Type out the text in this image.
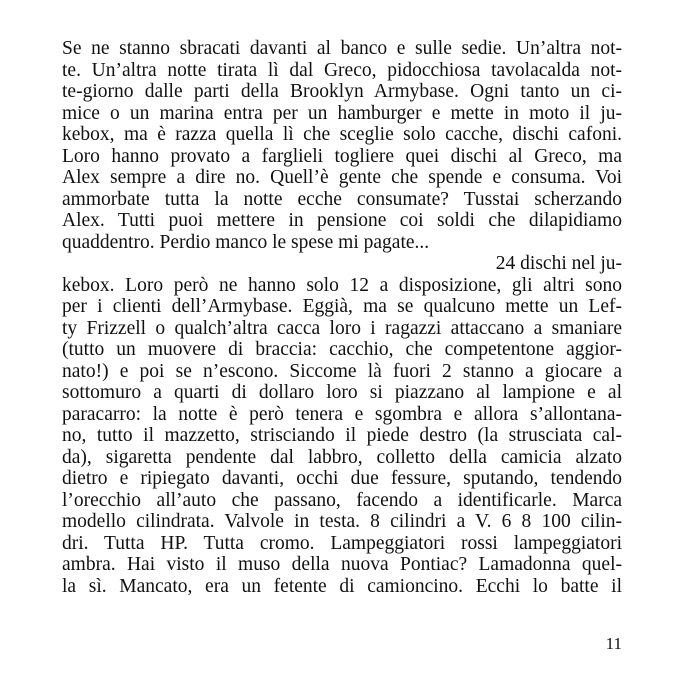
Se ne stanno sbracati davanti al banco e sulle sedie. Un’altra not-
te. Un’altra notte tirata lì dal Greco, pidocchiosa tavolacalda not-
te-giorno dalle parti della Brooklyn Armybase. Ogni tanto un ci-
mice o un marina entra per un hamburger e mette in moto il ju-
kebox, ma è razza quella lì che sceglie solo cacche, dischi cafoni.
Loro hanno provato a farglieli togliere quei dischi al Greco, ma
Alex sempre a dire no. Quell’è gente che spende e consuma. Voi
ammorbate tutta la notte ecche consumate? Tusstai scherzando
Alex. Tutti puoi mettere in pensione coi soldi che dilapidiamo
quaddentro. Perdio manco le spese mi pagate...
24 dischi nel ju-
kebox. Loro però ne hanno solo 12 a disposizione, gli altri sono
per i clienti dell’Armybase. Eggià, ma se qualcuno mette un Lef-
ty Frizzell o qualch’altra cacca loro i ragazzi attaccano a smaniare
(tutto un muovere di braccia: cacchio, che competentone aggior-
nato!) e poi se n’escono. Siccome là fuori 2 stanno a giocare a
sottomuro a quarti di dollaro loro si piazzano al lampione e al
paracarro: la notte è però tenera e sgombra e allora s’allontana-
no, tutto il mazzetto, strisciando il piede destro (la strusciata cal-
da), sigaretta pendente dal labbro, colletto della camicia alzato
dietro e ripiegato davanti, occhi due fessure, sputando, tendendo
l’orecchio all’auto che passano, facendo a identificarle. Marca
modello cilindrata. Valvole in testa. 8 cilindri a V. 6 8 100 cilin-
dri. Tutta HP. Tutta cromo. Lampeggiatori rossi lampeggiatori
ambra. Hai visto il muso della nuova Pontiac? Lamadonna quel-
la sì. Mancato, era un fetente di camioncino. Ecchi lo batte il
11
